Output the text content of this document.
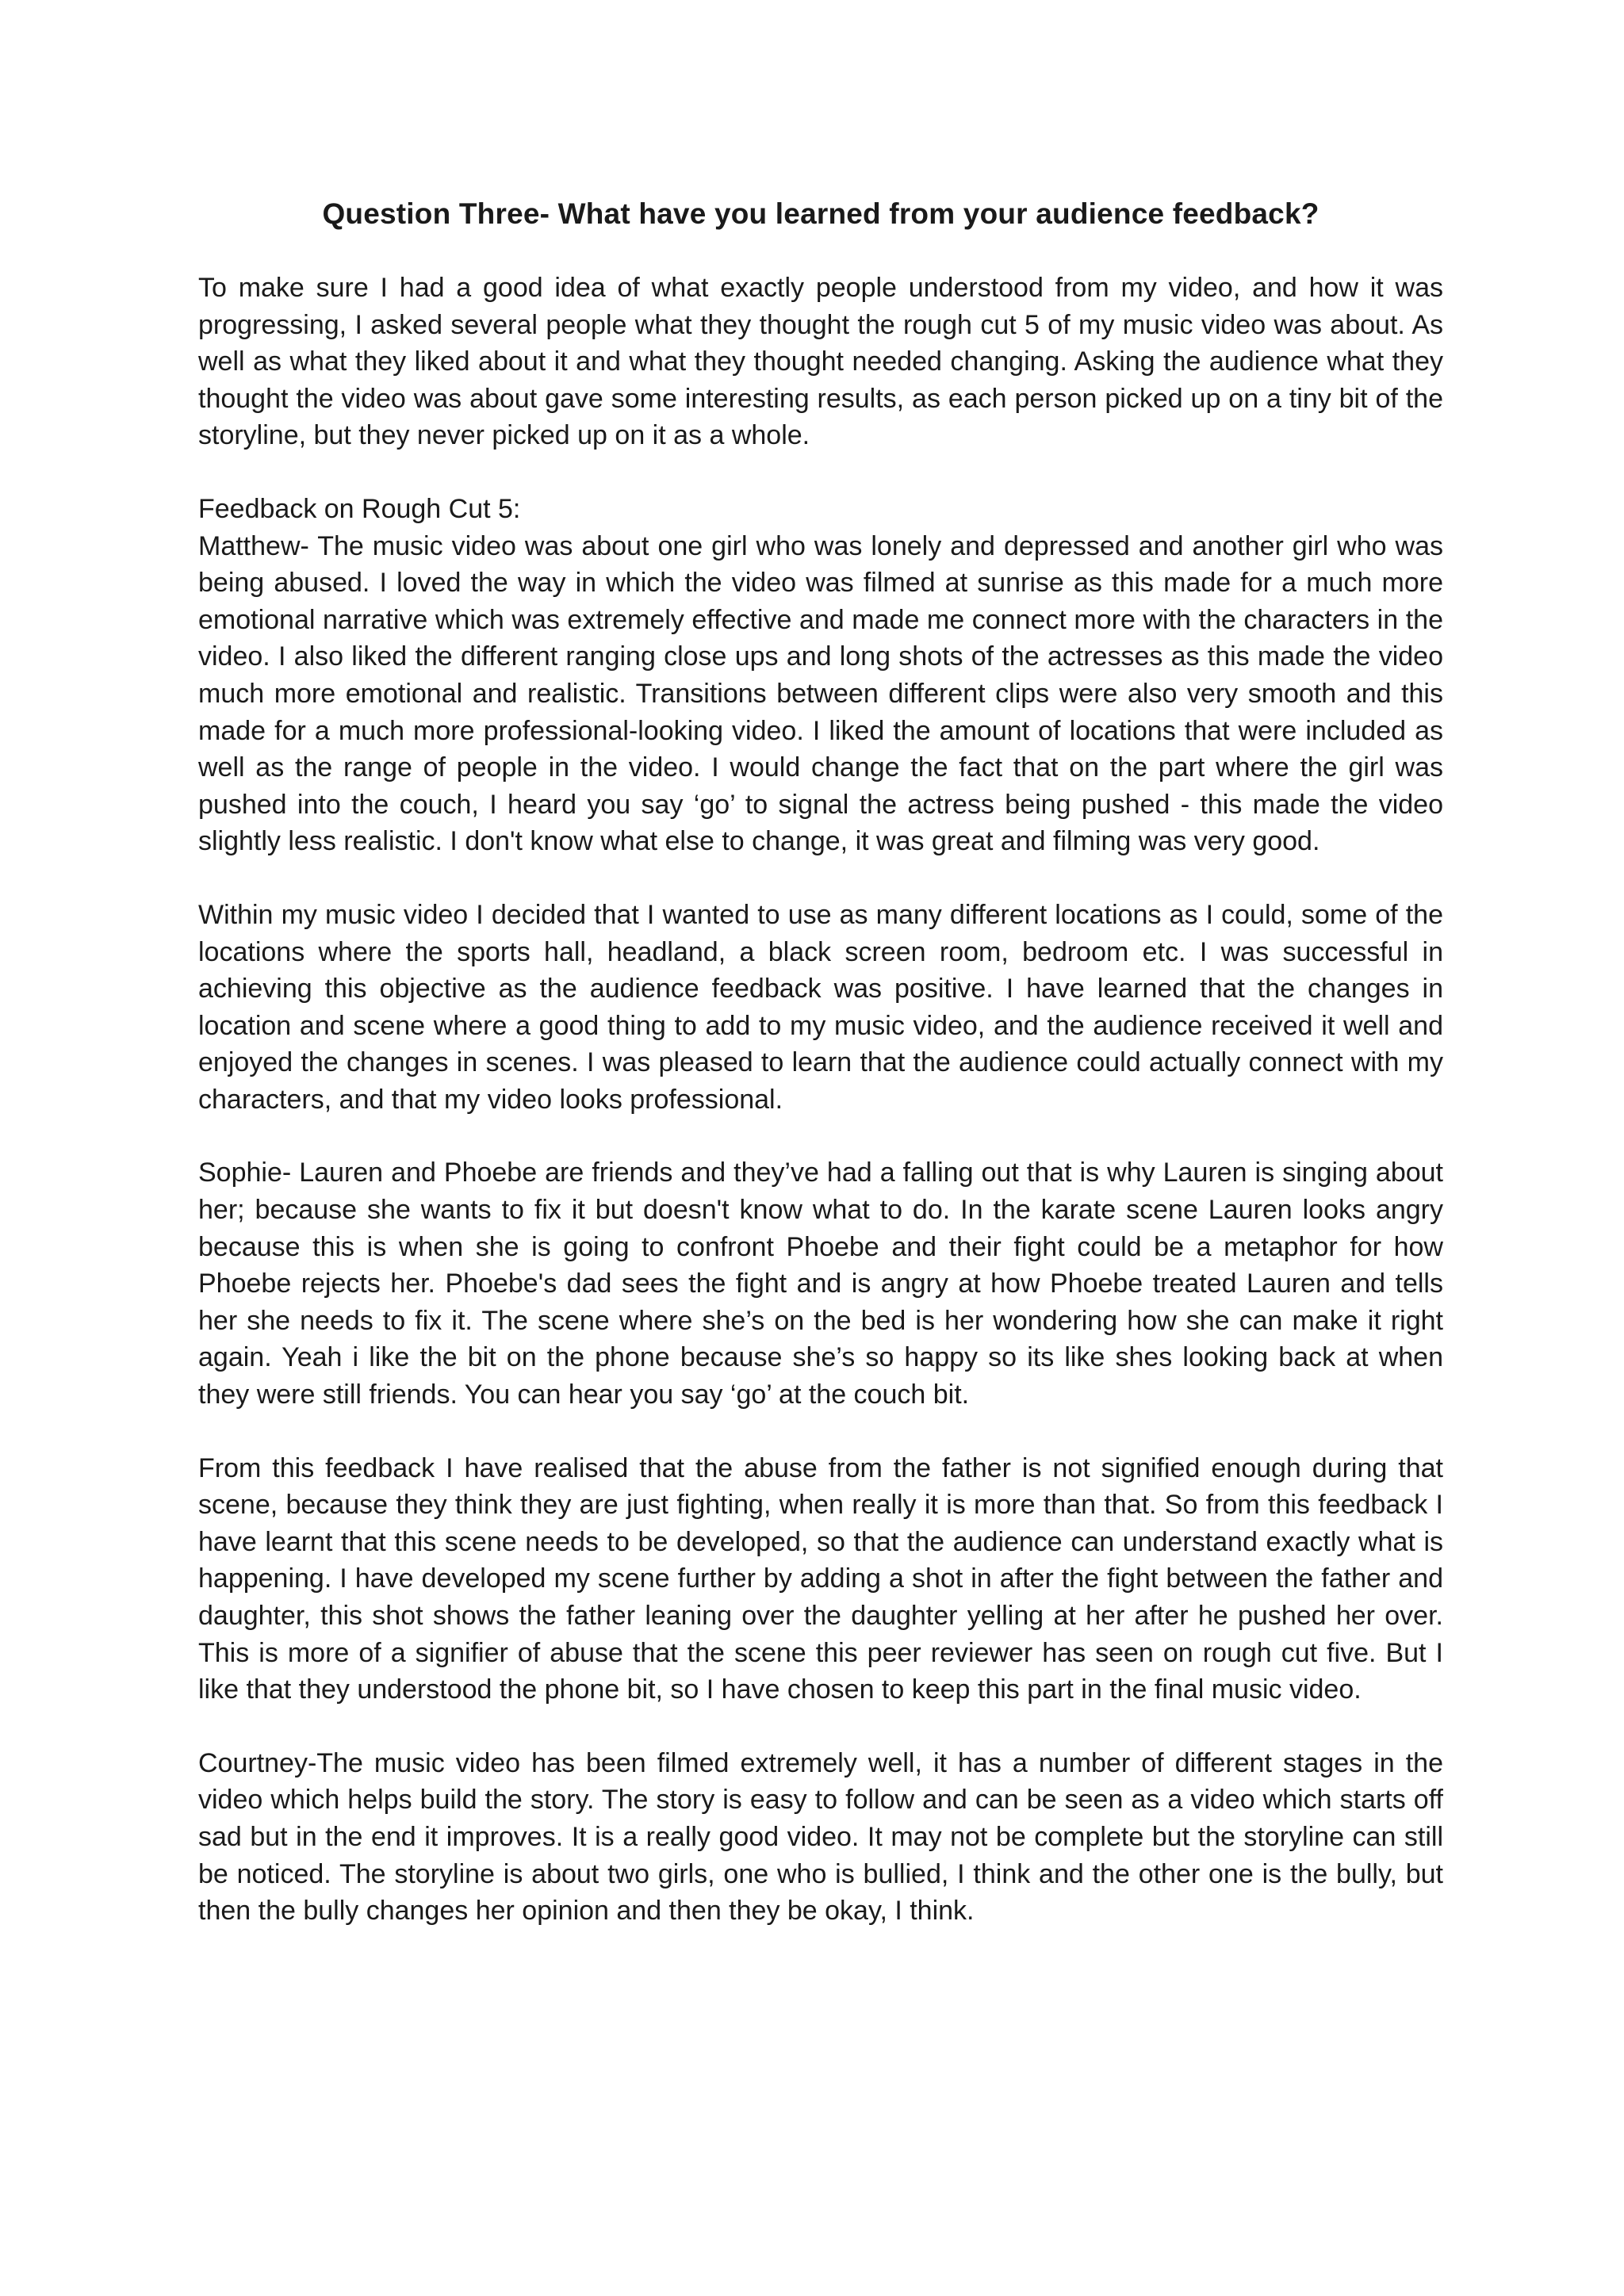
Question Three- What have you learned from your audience feedback?

To make sure I had a good idea of what exactly people understood from my video, and how it was progressing, I asked several people what they thought the rough cut 5 of my music video was about. As well as what they liked about it and what they thought needed changing. Asking the audience what they thought the video was about gave some interesting results, as each person picked up on a tiny bit of the storyline, but they never picked up on it as a whole.

Feedback on Rough Cut 5:

Matthew- The music video was about one girl who was lonely and depressed and another girl who was being abused. I loved the way in which the video was filmed at sunrise as this made for a much more emotional narrative which was extremely effective and made me connect more with the characters in the video. I also liked the different ranging close ups and long shots of the actresses as this made the video much more emotional and realistic. Transitions between different clips were also very smooth and this made for a much more professional-looking video. I liked the amount of locations that were included as well as the range of people in the video. I would change the fact that on the part where the girl was pushed into the couch, I heard you say ‘go’ to signal the actress being pushed - this made the video slightly less realistic. I don't know what else to change, it was great and filming was very good.

Within my music video I decided that I wanted to use as many different locations as I could, some of the locations where the sports hall, headland, a black screen room, bedroom etc. I was successful in achieving this objective as the audience feedback was positive. I have learned that the changes in location and scene where a good thing to add to my music video, and the audience received it well and enjoyed the changes in scenes. I was pleased to learn that the audience could actually connect with my characters, and that my video looks professional.

Sophie- Lauren and Phoebe are friends and they’ve had a falling out that is why Lauren is singing about her; because she wants to fix it but doesn't know what to do. In the karate scene Lauren looks angry because this is when she is going to confront Phoebe and their fight could be a metaphor for how Phoebe rejects her. Phoebe's dad sees the fight and is angry at how Phoebe treated Lauren and tells her she needs to fix it. The scene where she’s on the bed is her wondering how she can make it right again. Yeah i like the bit on the phone because she’s so happy so its like shes looking back at when they were still friends. You can hear you say ‘go’ at the couch bit.

From this feedback I have realised that the abuse from the father is not signified enough during that scene, because they think they are just fighting, when really it is more than that. So from this feedback I have learnt that this scene needs to be developed, so that the audience can understand exactly what is happening. I have developed my scene further by adding a shot in after the fight between the father and daughter, this shot shows the father leaning over the daughter yelling at her after he pushed her over. This is more of a signifier of abuse that the scene this peer reviewer has seen on rough cut five. But I like that they understood the phone bit, so I have chosen to keep this part in the final music video.

Courtney-The music video has been filmed extremely well, it has a number of different stages in the video which helps build the story. The story is easy to follow and can be seen as a video which starts off sad but in the end it improves. It is a really good video. It may not be complete but the storyline can still be noticed. The storyline is about two girls, one who is bullied, I think and the other one is the bully, but then the bully changes her opinion and then they be okay, I think.
